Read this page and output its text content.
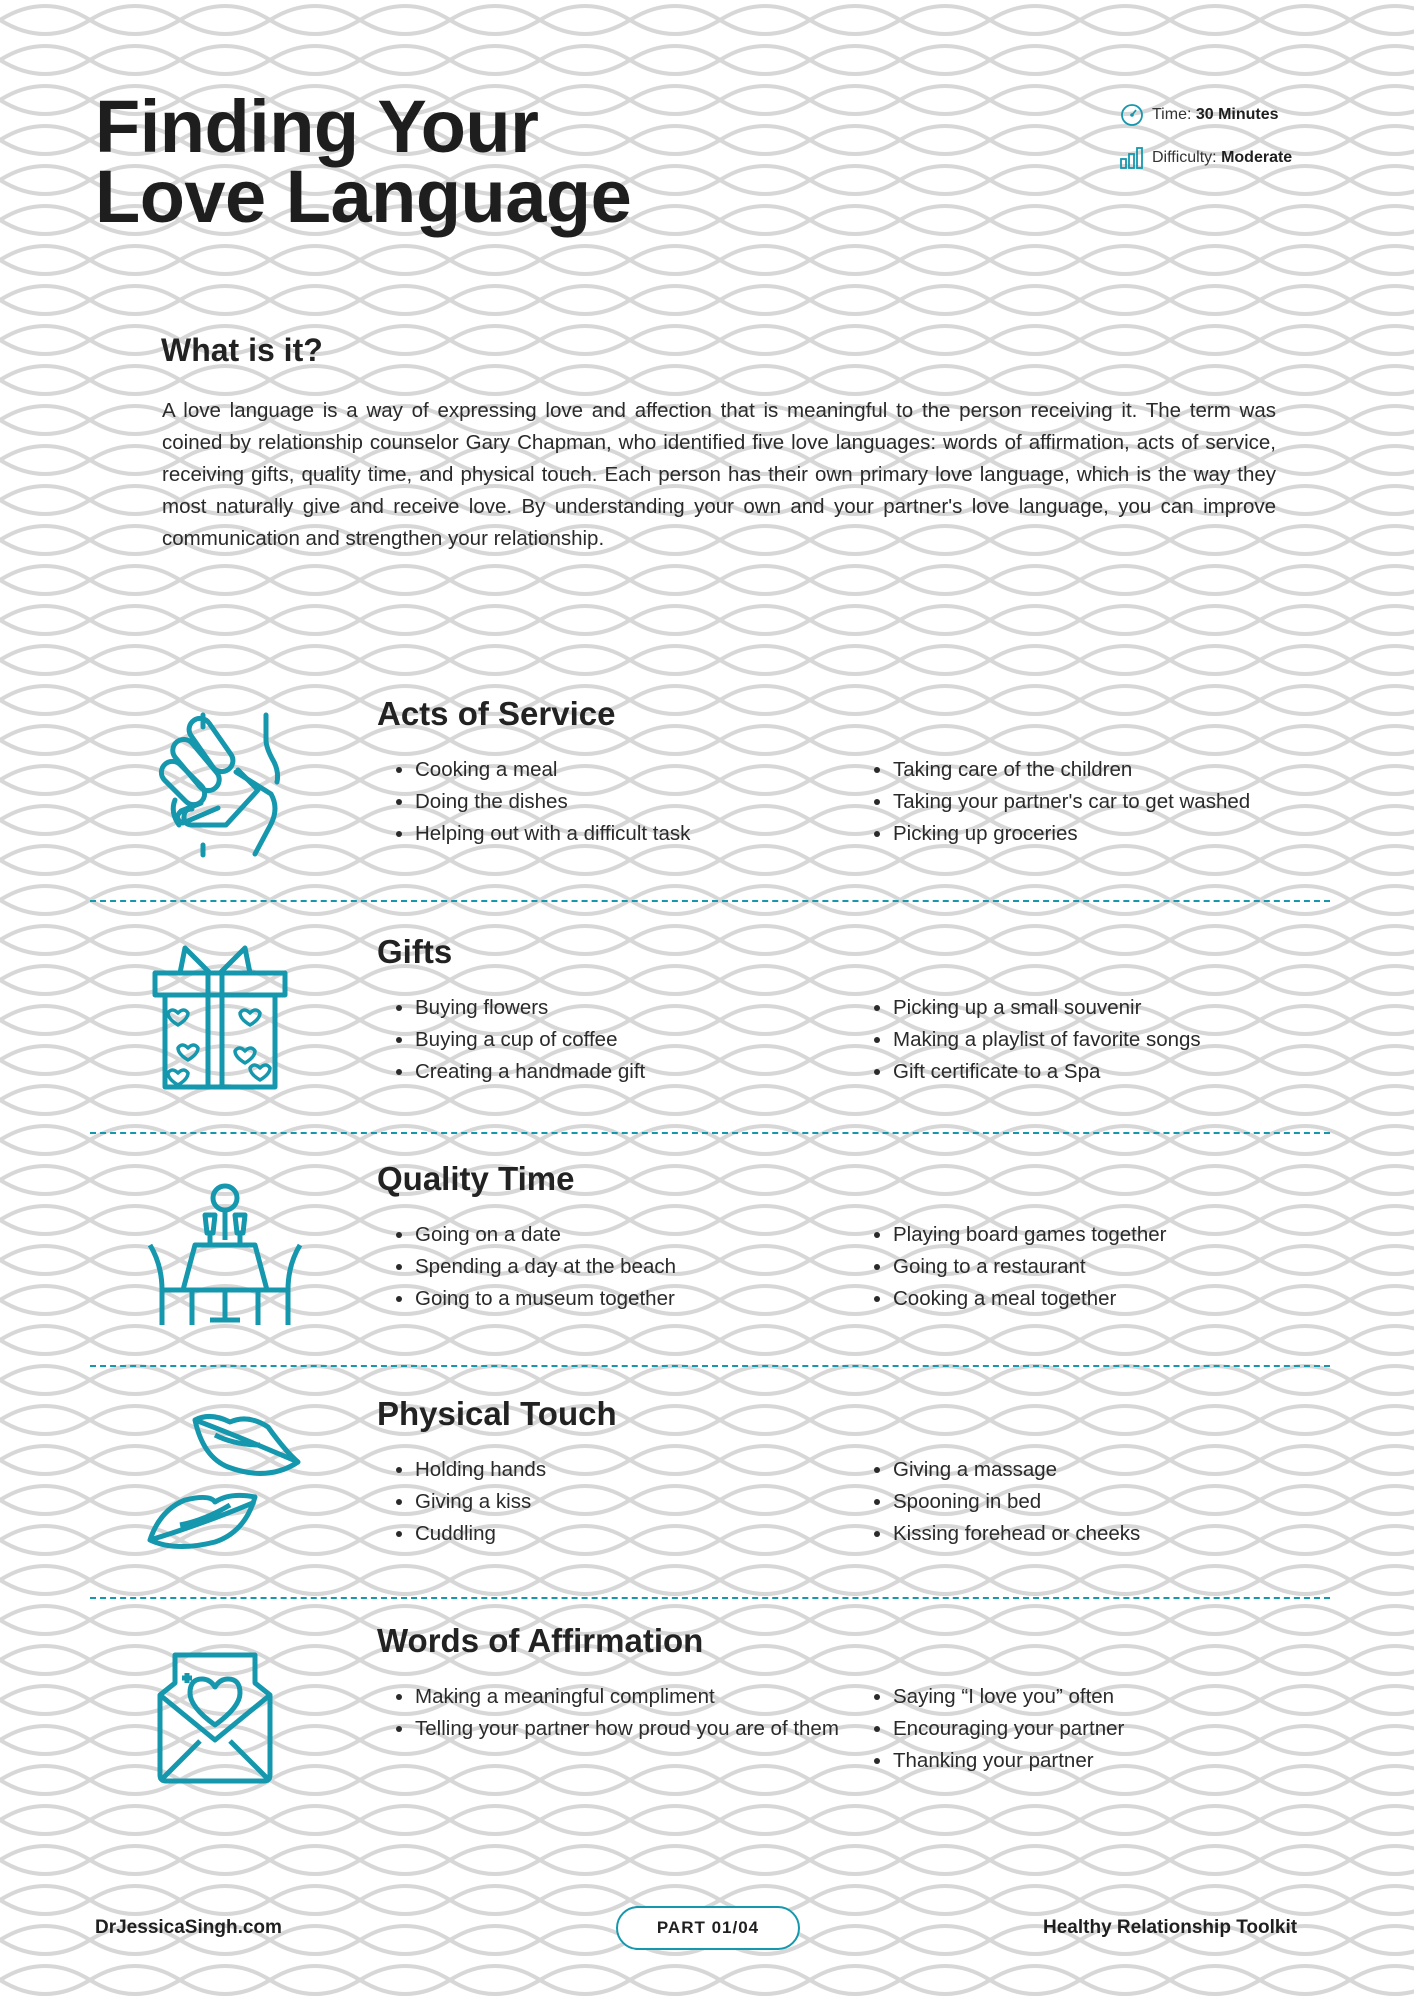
Finding Your
Love Language
Time: 30 Minutes
Difficulty: Moderate
What is it?
A love language is a way of expressing love and affection that is meaningful to the person receiving it. The term was coined by relationship counselor Gary Chapman, who identified five love languages: words of affirmation, acts of service, receiving gifts, quality time, and physical touch. Each person has their own primary love language, which is the way they most naturally give and receive love. By understanding your own and your partner's love language, you can improve communication and strengthen your relationship.
Acts of Service
• Cooking a meal
• Doing the dishes
• Helping out with a difficult task
• Taking care of the children
• Taking your partner's car to get washed
• Picking up groceries
Gifts
• Buying flowers
• Buying a cup of coffee
• Creating a handmade gift
• Picking up a small souvenir
• Making a playlist of favorite songs
• Gift certificate to a Spa
Quality Time
• Going on a date
• Spending a day at the beach
• Going to a museum together
• Playing board games together
• Going to a restaurant
• Cooking a meal together
Physical Touch
• Holding hands
• Giving a kiss
• Cuddling
• Giving a massage
• Spooning in bed
• Kissing forehead or cheeks
Words of Affirmation
• Making a meaningful compliment
• Telling your partner how proud you are of them
• Saying “I love you” often
• Encouraging your partner
• Thanking your partner
DrJessicaSingh.com	PART 01/04	Healthy Relationship Toolkit
